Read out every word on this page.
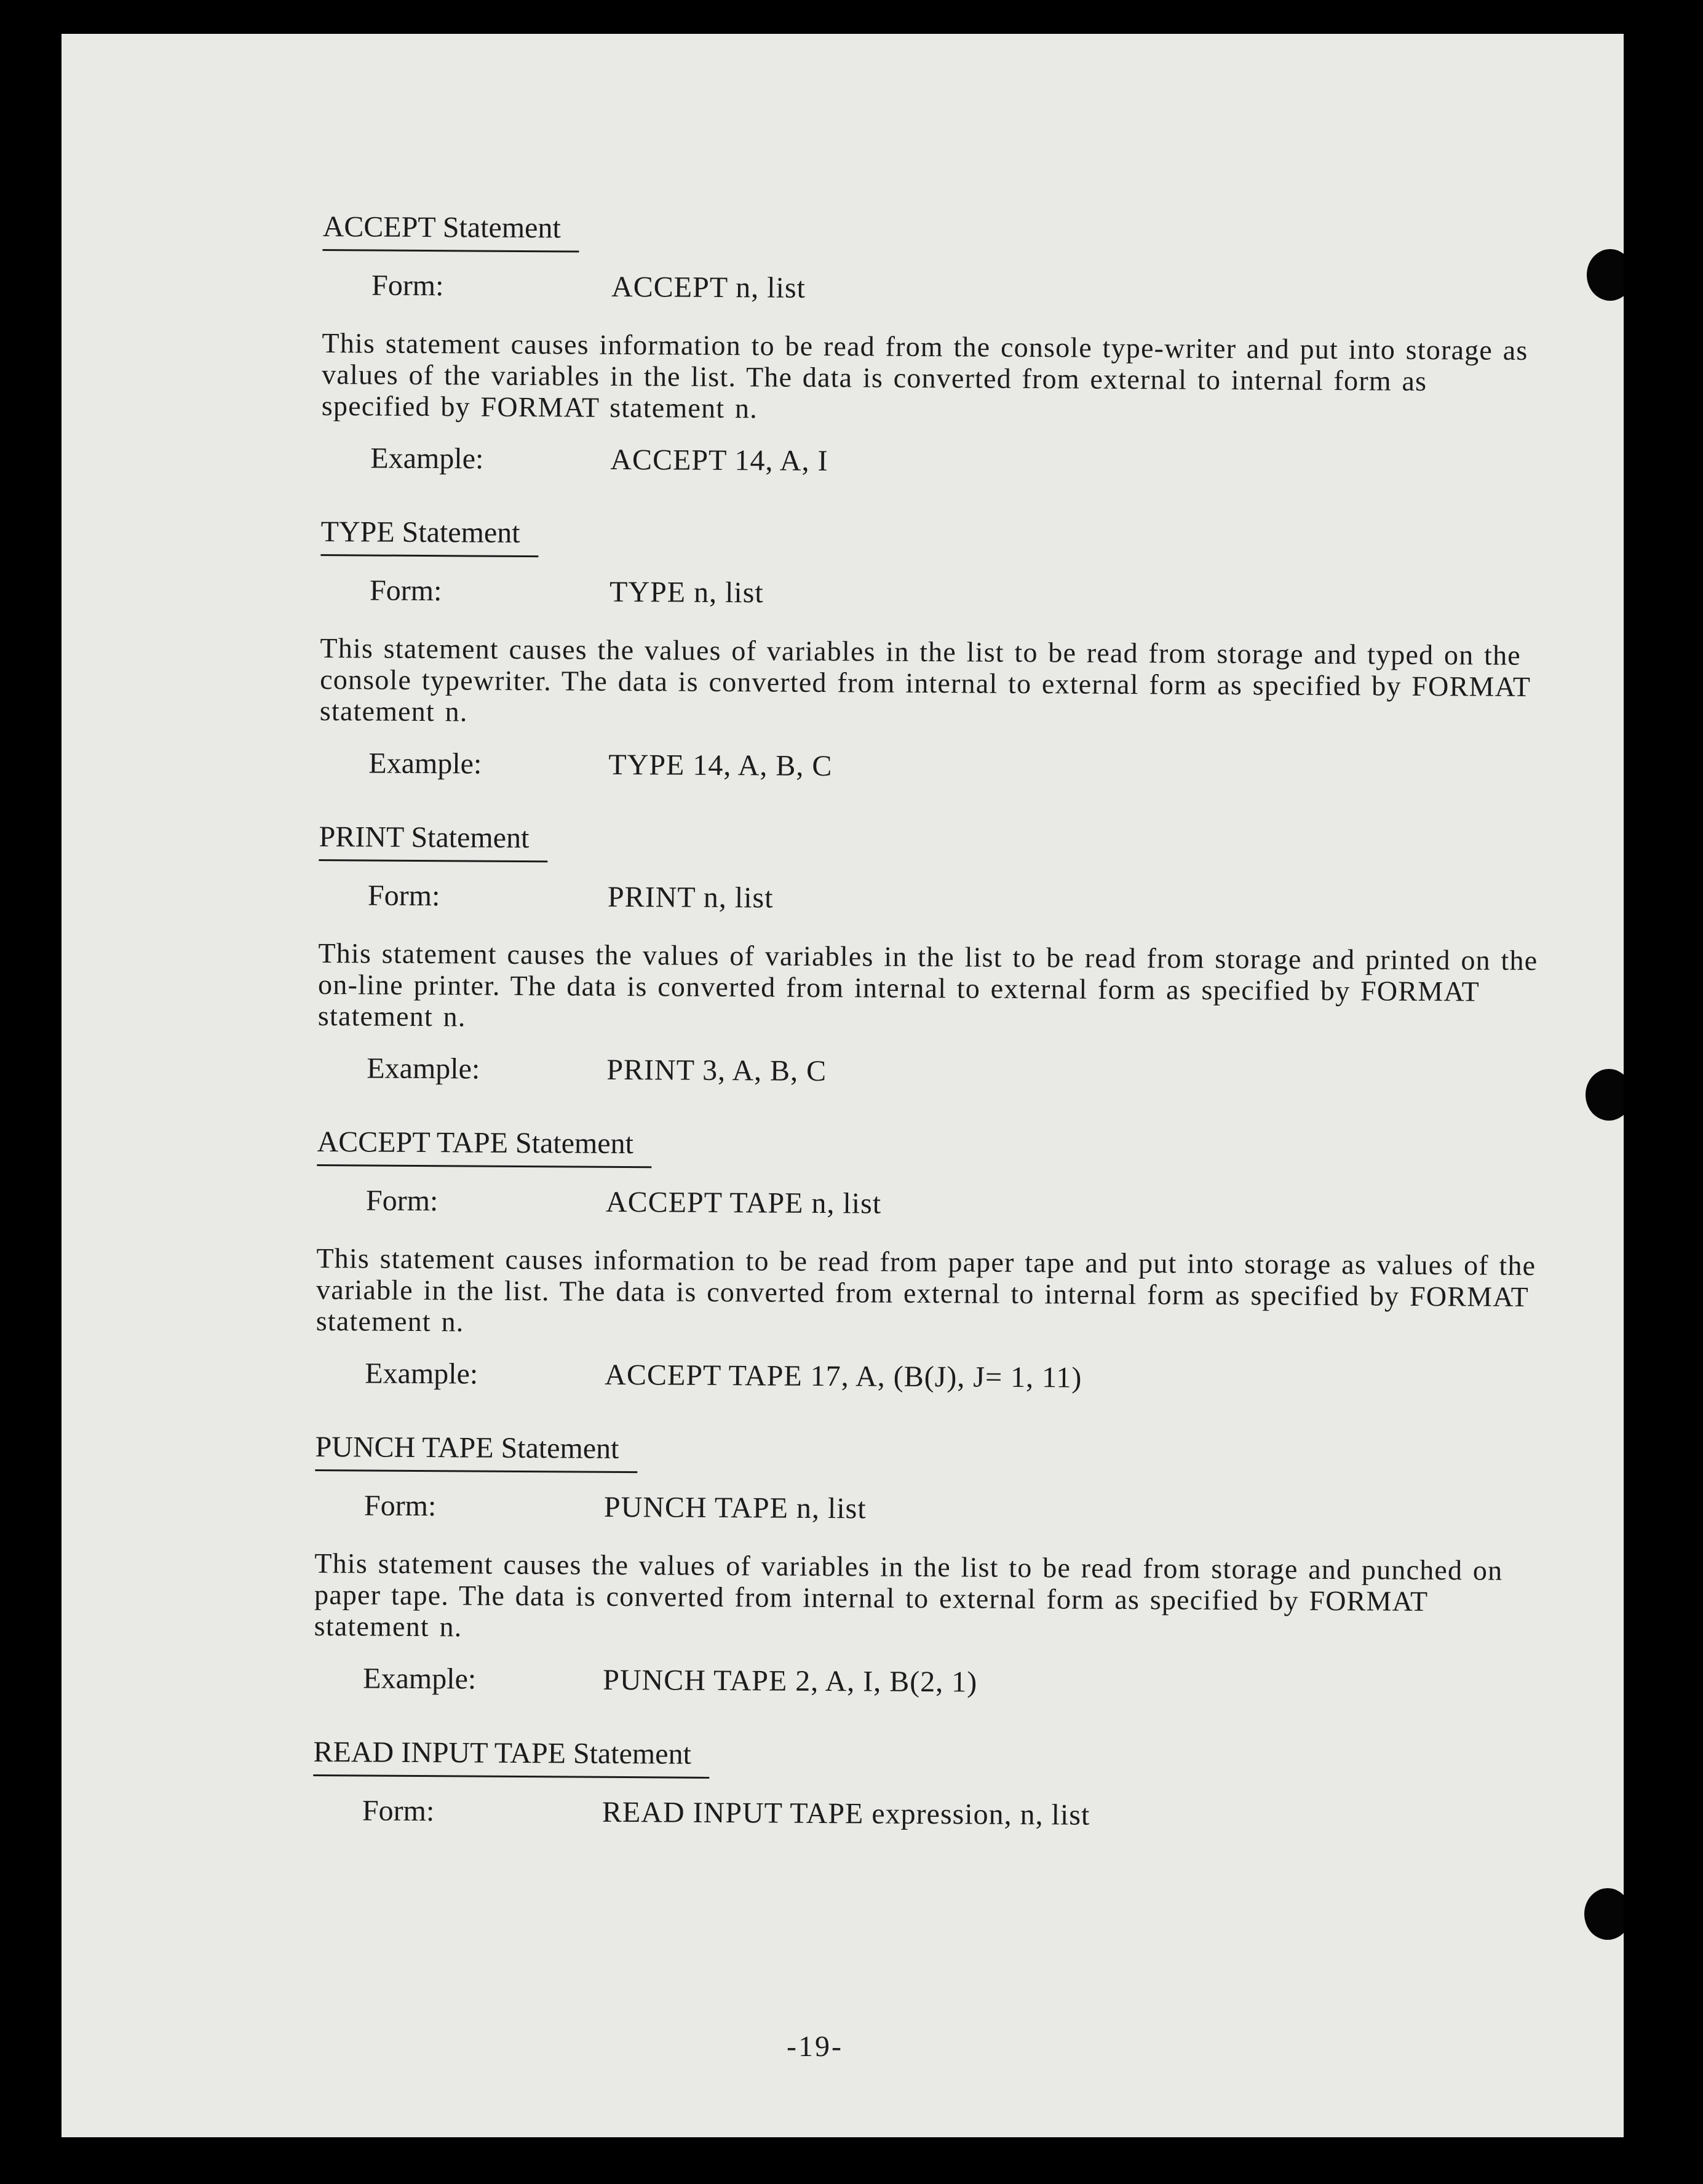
ACCEPT Statement
Form:	ACCEPT n, list

This statement causes information to be read from the console type-writer and put into storage as values of the variables in the list. The data is converted from external to internal form as specified by FORMAT statement n.

Example:	ACCEPT 14, A, I
TYPE Statement
Form:	TYPE n, list

This statement causes the values of variables in the list to be read from storage and typed on the console typewriter. The data is converted from internal to external form as specified by FORMAT statement n.

Example:	TYPE 14, A, B, C
PRINT Statement
Form:	PRINT n, list

This statement causes the values of variables in the list to be read from storage and printed on the on-line printer. The data is converted from internal to external form as specified by FORMAT statement n.

Example:	PRINT 3, A, B, C
ACCEPT TAPE Statement
Form:	ACCEPT TAPE n, list

This statement causes information to be read from paper tape and put into storage as values of the variable in the list. The data is converted from external to internal form as specified by FORMAT statement n.

Example:	ACCEPT TAPE 17, A, (B(J), J= 1, 11)
PUNCH TAPE Statement
Form:	PUNCH TAPE n, list

This statement causes the values of variables in the list to be read from storage and punched on paper tape. The data is converted from internal to external form as specified by FORMAT statement n.

Example:	PUNCH TAPE 2, A, I, B(2, 1)
READ INPUT TAPE Statement
Form:	READ INPUT TAPE expression, n, list
-19-
